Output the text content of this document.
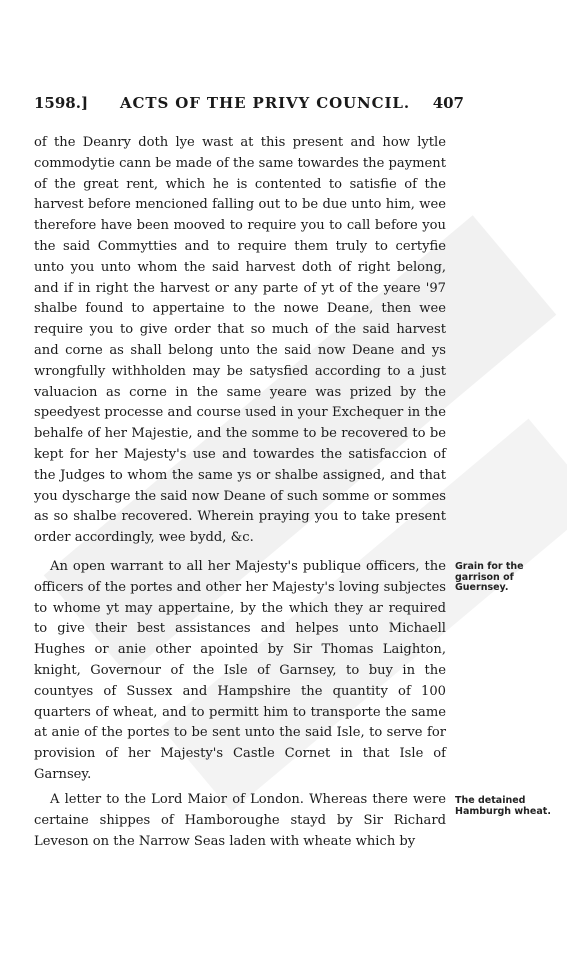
1598.] ACTS OF THE PRIVY COUNCIL. 407

of the Deanry doth lye wast at this present and how lytle commodytie cann be made of the same towardes the payment of the great rent, which he is contented to satisfie of the harvest before mencioned falling out to be due unto him, wee therefore have been mooved to require you to call before you the said Commytties and to require them truly to certyfie unto you unto whom the said harvest doth of right belong, and if in right the harvest or any parte of yt of the yeare '97 shalbe found to appertaine to the nowe Deane, then wee require you to give order that so much of the said harvest and corne as shall belong unto the said now Deane and ys wrongfully withholden may be satysfied according to a just valuacion as corne in the same yeare was prized by the speedyest processe and course used in your Exchequer in the behalfe of her Majestie, and the somme to be recovered to be kept for her Majesty's use and towardes the satisfaccion of the Judges to whom the same ys or shalbe assigned, and that you dyscharge the said now Deane of such somme or sommes as so shalbe recovered. Wherein praying you to take present order accordingly, wee bydd, &c.

An open warrant to all her Majesty's publique officers, the officers of the portes and other her Majesty's loving subjectes to whome yt may appertaine, by the which they ar required to give their best assistances and helpes unto Michaell Hughes or anie other apointed by Sir Thomas Laighton, knight, Governour of the Isle of Garnsey, to buy in the countyes of Sussex and Hampshire the quantity of 100 quarters of wheat, and to permitt him to transporte the same at anie of the portes to be sent unto the said Isle, to serve for provision of her Majesty's Castle Cornet in that Isle of Garnsey.

A letter to the Lord Maior of London. Whereas there were certaine shippes of Hamboroughe stayd by Sir Richard Leveson on the Narrow Seas laden with wheate which by

Grain for the garrison of Guernsey.
The detained Hamburgh wheat.
